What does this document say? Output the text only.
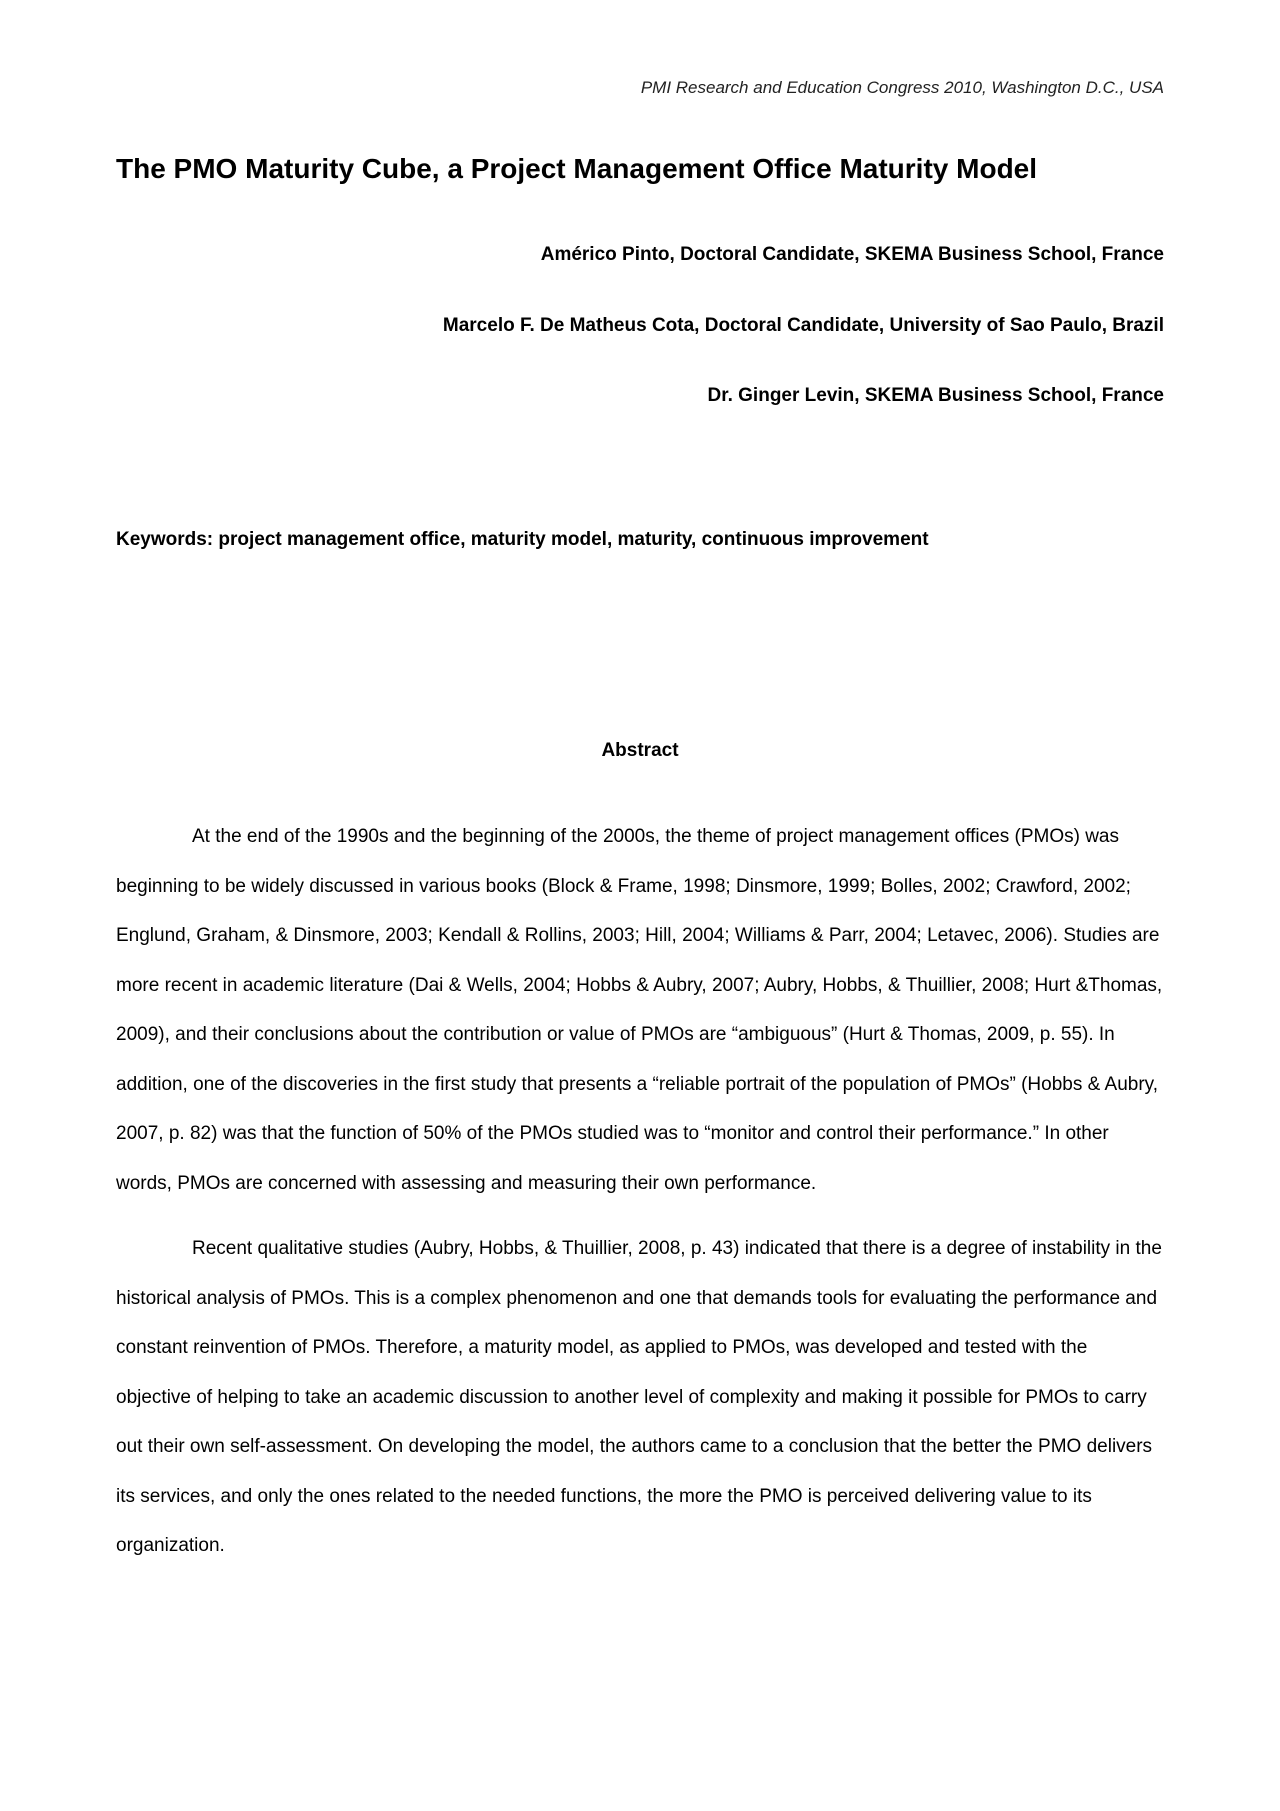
PMI Research and Education Congress 2010, Washington D.C., USA
The PMO Maturity Cube, a Project Management Office Maturity Model
Américo Pinto, Doctoral Candidate, SKEMA Business School, France
Marcelo F. De Matheus Cota, Doctoral Candidate, University of Sao Paulo, Brazil
Dr. Ginger Levin, SKEMA Business School, France
Keywords: project management office, maturity model, maturity, continuous improvement
Abstract

At the end of the 1990s and the beginning of the 2000s, the theme of project management offices (PMOs) was beginning to be widely discussed in various books (Block & Frame, 1998; Dinsmore, 1999; Bolles, 2002; Crawford, 2002; Englund, Graham, & Dinsmore, 2003; Kendall & Rollins, 2003; Hill, 2004; Williams & Parr, 2004; Letavec, 2006). Studies are more recent in academic literature (Dai & Wells, 2004; Hobbs & Aubry, 2007; Aubry, Hobbs, & Thuillier, 2008; Hurt &Thomas, 2009), and their conclusions about the contribution or value of PMOs are “ambiguous” (Hurt & Thomas, 2009, p. 55). In addition, one of the discoveries in the first study that presents a “reliable portrait of the population of PMOs” (Hobbs & Aubry, 2007, p. 82) was that the function of 50% of the PMOs studied was to “monitor and control their performance.” In other words, PMOs are concerned with assessing and measuring their own performance.

Recent qualitative studies (Aubry, Hobbs, & Thuillier, 2008, p. 43) indicated that there is a degree of instability in the historical analysis of PMOs. This is a complex phenomenon and one that demands tools for evaluating the performance and constant reinvention of PMOs. Therefore, a maturity model, as applied to PMOs, was developed and tested with the objective of helping to take an academic discussion to another level of complexity and making it possible for PMOs to carry out their own self-assessment. On developing the model, the authors came to a conclusion that the better the PMO delivers its services, and only the ones related to the needed functions, the more the PMO is perceived delivering value to its organization.
